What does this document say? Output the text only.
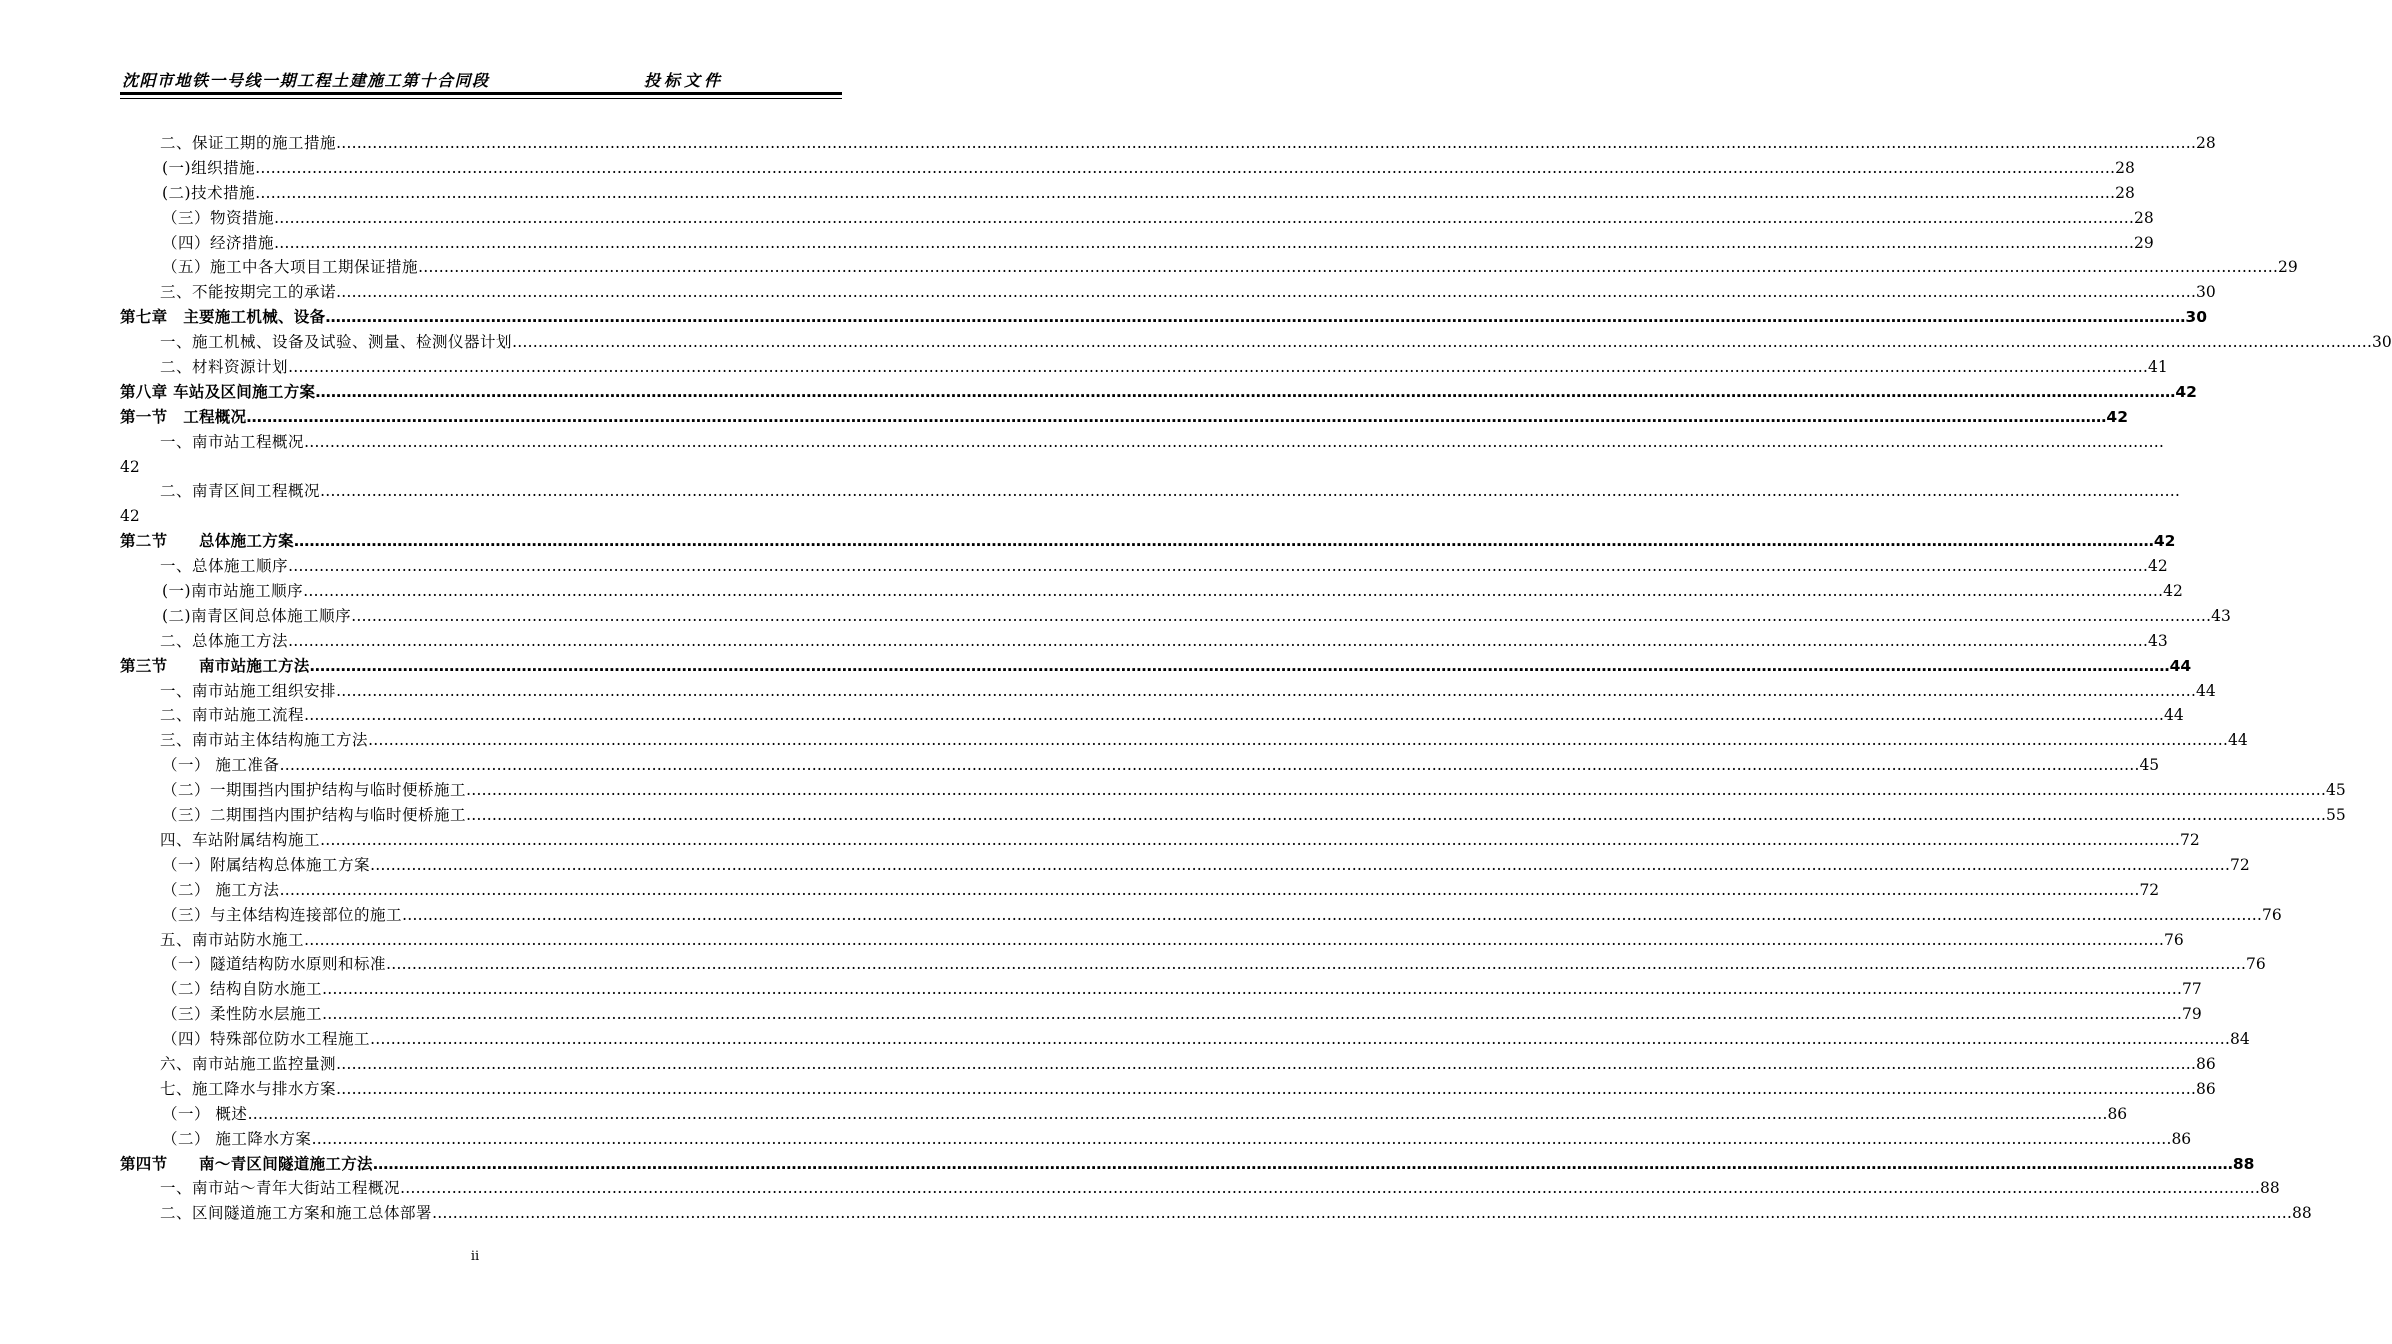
沈阳市地铁一号线一期工程土建施工第十合同段	投标文件
二、保证工期的施工措施 ……………………………………………………………………………………………………………………………………………………………………………………………………………………………………………………………………………………………………………………………… 28
(一)组织措施 ……………………………………………………………………………………………………………………………………………………………………………………………………………………………………………………………………………………………………………………………… 28
(二)技术措施 ……………………………………………………………………………………………………………………………………………………………………………………………………………………………………………………………………………………………………………………………… 28
（三）物资措施 ……………………………………………………………………………………………………………………………………………………………………………………………………………………………………………………………………………………………………………………………… 28
（四）经济措施 ……………………………………………………………………………………………………………………………………………………………………………………………………………………………………………………………………………………………………………………………… 29
（五）施工中各大项目工期保证措施 ……………………………………………………………………………………………………………………………………………………………………………………………………………………………………………………………………………………………………………………………… 29
三、不能按期完工的承诺 ……………………………………………………………………………………………………………………………………………………………………………………………………………………………………………………………………………………………………………………………… 30
第七章　主要施工机械、设备 ……………………………………………………………………………………………………………………………………………………………………………………………………………………………………………………………………………………………………………………………… 30
一、施工机械、设备及试验、测量、检测仪器计划 ……………………………………………………………………………………………………………………………………………………………………………………………………………………………………………………………………………………………………………………………… 30
二、材料资源计划 ……………………………………………………………………………………………………………………………………………………………………………………………………………………………………………………………………………………………………………………………… 41
第八章 车站及区间施工方案 ……………………………………………………………………………………………………………………………………………………………………………………………………………………………………………………………………………………………………………………………… 42
第一节　工程概况 ……………………………………………………………………………………………………………………………………………………………………………………………………………………………………………………………………………………………………………………………… 42
一、南市站工程概况 ………………………………………………………………………………………………………………………………………………………………………………………………………………………………………………………………………………………………………………………………
42
二、南青区间工程概况 ………………………………………………………………………………………………………………………………………………………………………………………………………………………………………………………………………………………………………………………………
42
第二节　　总体施工方案 ……………………………………………………………………………………………………………………………………………………………………………………………………………………………………………………………………………………………………………………………… 42
一、总体施工顺序 ……………………………………………………………………………………………………………………………………………………………………………………………………………………………………………………………………………………………………………………………… 42
(一)南市站施工顺序 ……………………………………………………………………………………………………………………………………………………………………………………………………………………………………………………………………………………………………………………………… 42
(二)南青区间总体施工顺序 ……………………………………………………………………………………………………………………………………………………………………………………………………………………………………………………………………………………………………………………………… 43
二、总体施工方法 ……………………………………………………………………………………………………………………………………………………………………………………………………………………………………………………………………………………………………………………………… 43
第三节　　南市站施工方法 ……………………………………………………………………………………………………………………………………………………………………………………………………………………………………………………………………………………………………………………………… 44
一、南市站施工组织安排 ……………………………………………………………………………………………………………………………………………………………………………………………………………………………………………………………………………………………………………………………… 44
二、南市站施工流程 ……………………………………………………………………………………………………………………………………………………………………………………………………………………………………………………………………………………………………………………………… 44
三、南市站主体结构施工方法 ……………………………………………………………………………………………………………………………………………………………………………………………………………………………………………………………………………………………………………………………… 44
（一） 施工准备 ……………………………………………………………………………………………………………………………………………………………………………………………………………………………………………………………………………………………………………………………… 45
（二）一期围挡内围护结构与临时便桥施工 ……………………………………………………………………………………………………………………………………………………………………………………………………………………………………………………………………………………………………………………………… 45
（三）二期围挡内围护结构与临时便桥施工 ……………………………………………………………………………………………………………………………………………………………………………………………………………………………………………………………………………………………………………………………… 55
四、车站附属结构施工 ……………………………………………………………………………………………………………………………………………………………………………………………………………………………………………………………………………………………………………………………… 72
（一）附属结构总体施工方案 ……………………………………………………………………………………………………………………………………………………………………………………………………………………………………………………………………………………………………………………………… 72
（二） 施工方法 ……………………………………………………………………………………………………………………………………………………………………………………………………………………………………………………………………………………………………………………………… 72
（三）与主体结构连接部位的施工 ……………………………………………………………………………………………………………………………………………………………………………………………………………………………………………………………………………………………………………………………… 76
五、南市站防水施工 ……………………………………………………………………………………………………………………………………………………………………………………………………………………………………………………………………………………………………………………………… 76
（一）隧道结构防水原则和标准 ……………………………………………………………………………………………………………………………………………………………………………………………………………………………………………………………………………………………………………………………… 76
（二）结构自防水施工 ……………………………………………………………………………………………………………………………………………………………………………………………………………………………………………………………………………………………………………………………… 77
（三）柔性防水层施工 ……………………………………………………………………………………………………………………………………………………………………………………………………………………………………………………………………………………………………………………………… 79
（四）特殊部位防水工程施工 ……………………………………………………………………………………………………………………………………………………………………………………………………………………………………………………………………………………………………………………………… 84
六、南市站施工监控量测 ……………………………………………………………………………………………………………………………………………………………………………………………………………………………………………………………………………………………………………………………… 86
七、施工降水与排水方案 ……………………………………………………………………………………………………………………………………………………………………………………………………………………………………………………………………………………………………………………………… 86
（一） 概述 ……………………………………………………………………………………………………………………………………………………………………………………………………………………………………………………………………………………………………………………………… 86
（二） 施工降水方案 ……………………………………………………………………………………………………………………………………………………………………………………………………………………………………………………………………………………………………………………………… 86
第四节　　南～青区间隧道施工方法 ……………………………………………………………………………………………………………………………………………………………………………………………………………………………………………………………………………………………………………………………… 88
一、南市站～青年大街站工程概况 ……………………………………………………………………………………………………………………………………………………………………………………………………………………………………………………………………………………………………………………………… 88
二、区间隧道施工方案和施工总体部署 ……………………………………………………………………………………………………………………………………………………………………………………………………………………………………………………………………………………………………………………………… 88
ii
